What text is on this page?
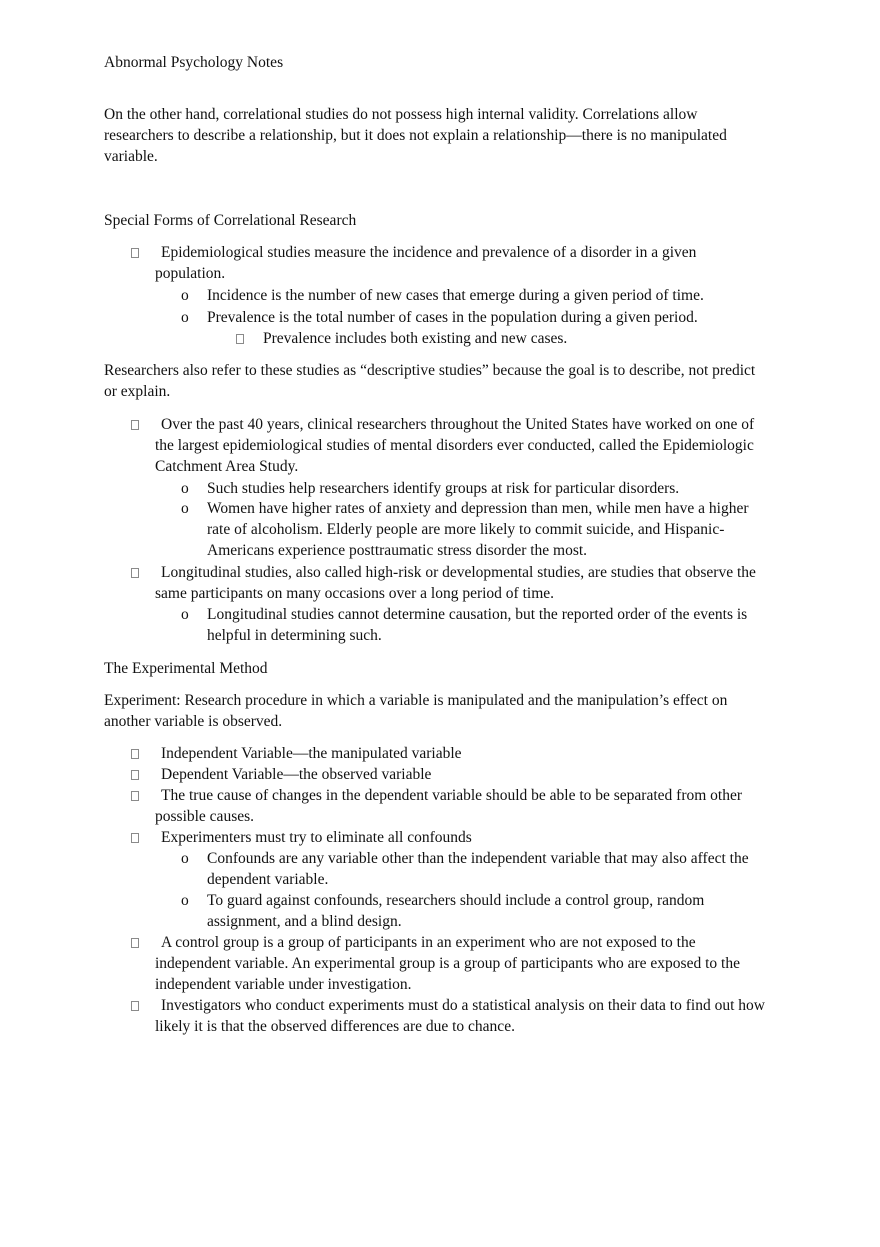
Abnormal Psychology Notes

On the other hand, correlational studies do not possess high internal validity. Correlations allow researchers to describe a relationship, but it does not explain a relationship—there is no manipulated variable.

Special Forms of Correlational Research

Epidemiological studies measure the incidence and prevalence of a disorder in a given population.
o Incidence is the number of new cases that emerge during a given period of time.
o Prevalence is the total number of cases in the population during a given period.
Prevalence includes both existing and new cases.

Researchers also refer to these studies as “descriptive studies” because the goal is to describe, not predict or explain.

Over the past 40 years, clinical researchers throughout the United States have worked on one of the largest epidemiological studies of mental disorders ever conducted, called the Epidemiologic Catchment Area Study.
o Such studies help researchers identify groups at risk for particular disorders.
o Women have higher rates of anxiety and depression than men, while men have a higher rate of alcoholism. Elderly people are more likely to commit suicide, and Hispanic-Americans experience posttraumatic stress disorder the most.
Longitudinal studies, also called high-risk or developmental studies, are studies that observe the same participants on many occasions over a long period of time.
o Longitudinal studies cannot determine causation, but the reported order of the events is helpful in determining such.

The Experimental Method

Experiment: Research procedure in which a variable is manipulated and the manipulation’s effect on another variable is observed.

Independent Variable—the manipulated variable
Dependent Variable—the observed variable
The true cause of changes in the dependent variable should be able to be separated from other possible causes.
Experimenters must try to eliminate all confounds
o Confounds are any variable other than the independent variable that may also affect the dependent variable.
o To guard against confounds, researchers should include a control group, random assignment, and a blind design.
A control group is a group of participants in an experiment who are not exposed to the independent variable. An experimental group is a group of participants who are exposed to the independent variable under investigation.
Investigators who conduct experiments must do a statistical analysis on their data to find out how likely it is that the observed differences are due to chance.
